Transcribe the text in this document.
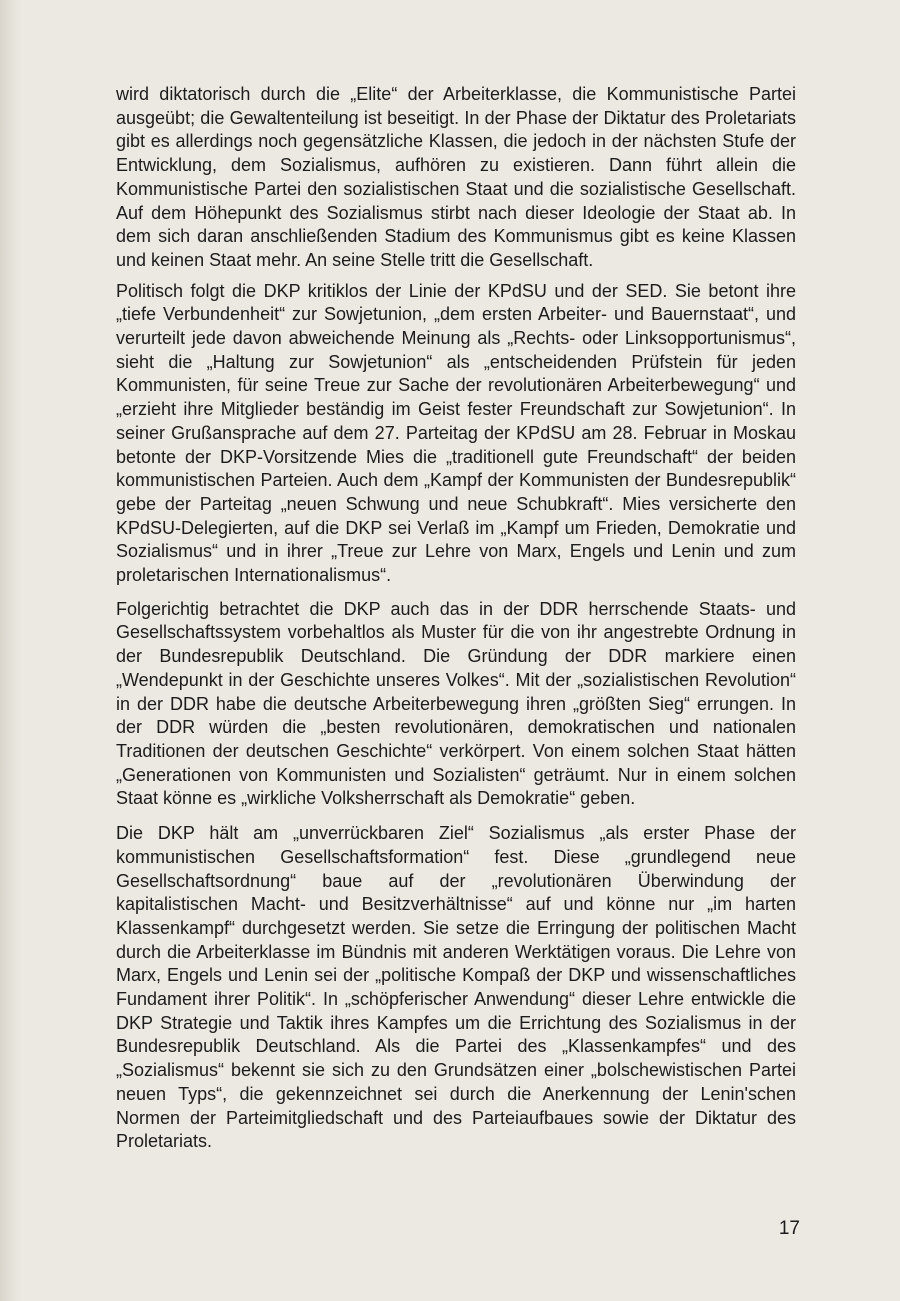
wird diktatorisch durch die „Elite“ der Arbeiterklasse, die Kommunistische Partei ausgeübt; die Gewaltenteilung ist beseitigt. In der Phase der Diktatur des Proletariats gibt es allerdings noch gegensätzliche Klassen, die jedoch in der nächsten Stufe der Entwicklung, dem Sozialismus, aufhören zu existieren. Dann führt allein die Kommunistische Partei den sozialistischen Staat und die sozialistische Gesellschaft. Auf dem Höhepunkt des Sozialismus stirbt nach dieser Ideologie der Staat ab. In dem sich daran anschließenden Stadium des Kommunismus gibt es keine Klassen und keinen Staat mehr. An seine Stelle tritt die Gesellschaft.

Politisch folgt die DKP kritiklos der Linie der KPdSU und der SED. Sie betont ihre „tiefe Verbundenheit“ zur Sowjetunion, „dem ersten Arbeiter- und Bauernstaat“, und verurteilt jede davon abweichende Meinung als „Rechts- oder Linksopportunismus“, sieht die „Haltung zur Sowjetunion“ als „entscheidenden Prüfstein für jeden Kommunisten, für seine Treue zur Sache der revolutionären Arbeiterbewegung“ und „erzieht ihre Mitglieder beständig im Geist fester Freundschaft zur Sowjetunion“. In seiner Grußansprache auf dem 27. Parteitag der KPdSU am 28. Februar in Moskau betonte der DKP-Vorsitzende Mies die „traditionell gute Freundschaft“ der beiden kommunistischen Parteien. Auch dem „Kampf der Kommunisten der Bundesrepublik“ gebe der Parteitag „neuen Schwung und neue Schubkraft“. Mies versicherte den KPdSU-Delegierten, auf die DKP sei Verlaß im „Kampf um Frieden, Demokratie und Sozialismus“ und in ihrer „Treue zur Lehre von Marx, Engels und Lenin und zum proletarischen Internationalismus“.

Folgerichtig betrachtet die DKP auch das in der DDR herrschende Staats- und Gesellschaftssystem vorbehaltlos als Muster für die von ihr angestrebte Ordnung in der Bundesrepublik Deutschland. Die Gründung der DDR markiere einen „Wendepunkt in der Geschichte unseres Volkes“. Mit der „sozialistischen Revolution“ in der DDR habe die deutsche Arbeiterbewegung ihren „größten Sieg“ errungen. In der DDR würden die „besten revolutionären, demokratischen und nationalen Traditionen der deutschen Geschichte“ verkörpert. Von einem solchen Staat hätten „Generationen von Kommunisten und Sozialisten“ geträumt. Nur in einem solchen Staat könne es „wirkliche Volksherrschaft als Demokratie“ geben.

Die DKP hält am „unverrückbaren Ziel“ Sozialismus „als erster Phase der kommunistischen Gesellschaftsformation“ fest. Diese „grundlegend neue Gesellschaftsordnung“ baue auf der „revolutionären Überwindung der kapitalistischen Macht- und Besitzverhältnisse“ auf und könne nur „im harten Klassenkampf“ durchgesetzt werden. Sie setze die Erringung der politischen Macht durch die Arbeiterklasse im Bündnis mit anderen Werktätigen voraus. Die Lehre von Marx, Engels und Lenin sei der „politische Kompaß der DKP und wissenschaftliches Fundament ihrer Politik“. In „schöpferischer Anwendung“ dieser Lehre entwickle die DKP Strategie und Taktik ihres Kampfes um die Errichtung des Sozialismus in der Bundesrepublik Deutschland. Als die Partei des „Klassenkampfes“ und des „Sozialismus“ bekennt sie sich zu den Grundsätzen einer „bolschewistischen Partei neuen Typs“, die gekennzeichnet sei durch die Anerkennung der Lenin'schen Normen der Parteimitgliedschaft und des Parteiaufbaues sowie der Diktatur des Proletariats.

17
